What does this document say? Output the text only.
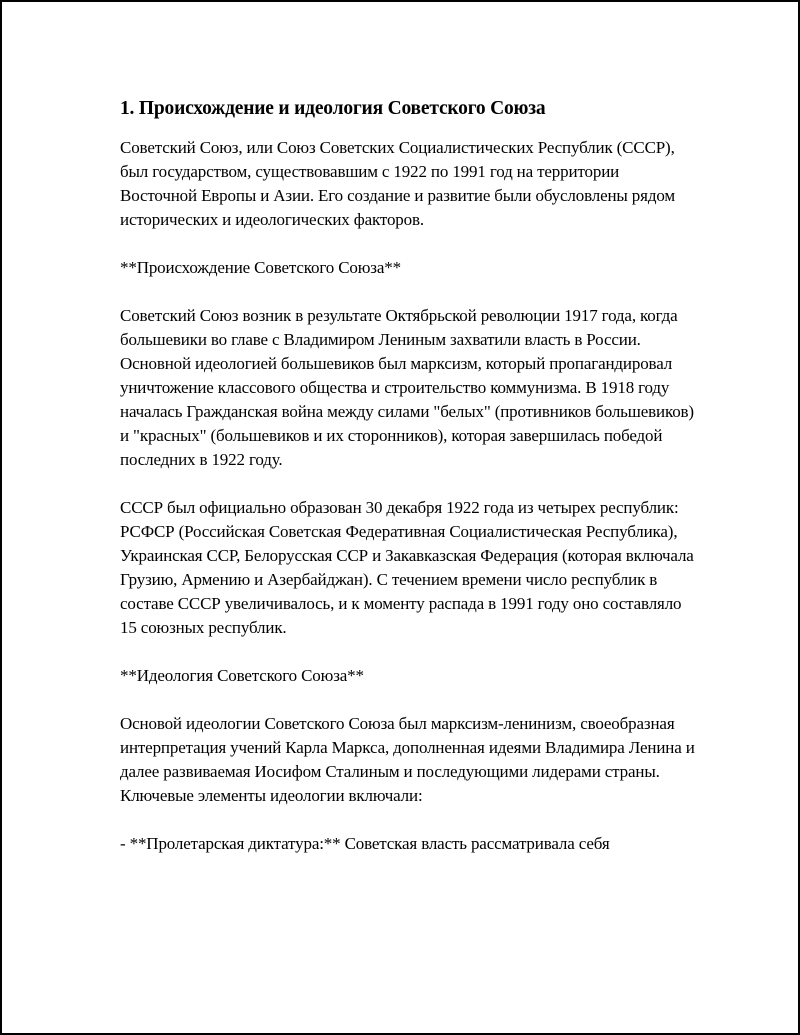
1. Происхождение и идеология Советского Союза

Советский Союз, или Союз Советских Социалистических Республик (СССР), был государством, существовавшим с 1922 по 1991 год на территории Восточной Европы и Азии. Его создание и развитие были обусловлены рядом исторических и идеологических факторов.

**Происхождение Советского Союза**

Советский Союз возник в результате Октябрьской революции 1917 года, когда большевики во главе с Владимиром Лениным захватили власть в России. Основной идеологией большевиков был марксизм, который пропагандировал уничтожение классового общества и строительство коммунизма. В 1918 году началась Гражданская война между силами "белых" (противников большевиков) и "красных" (большевиков и их сторонников), которая завершилась победой последних в 1922 году.

СССР был официально образован 30 декабря 1922 года из четырех республик: РСФСР (Российская Советская Федеративная Социалистическая Республика), Украинская ССР, Белорусская ССР и Закавказская Федерация (которая включала Грузию, Армению и Азербайджан). С течением времени число республик в составе СССР увеличивалось, и к моменту распада в 1991 году оно составляло 15 союзных республик.

**Идеология Советского Союза**

Основой идеологии Советского Союза был марксизм-ленинизм, своеобразная интерпретация учений Карла Маркса, дополненная идеями Владимира Ленина и далее развиваемая Иосифом Сталиным и последующими лидерами страны. Ключевые элементы идеологии включали:

- **Пролетарская диктатура:** Советская власть рассматривала себя
